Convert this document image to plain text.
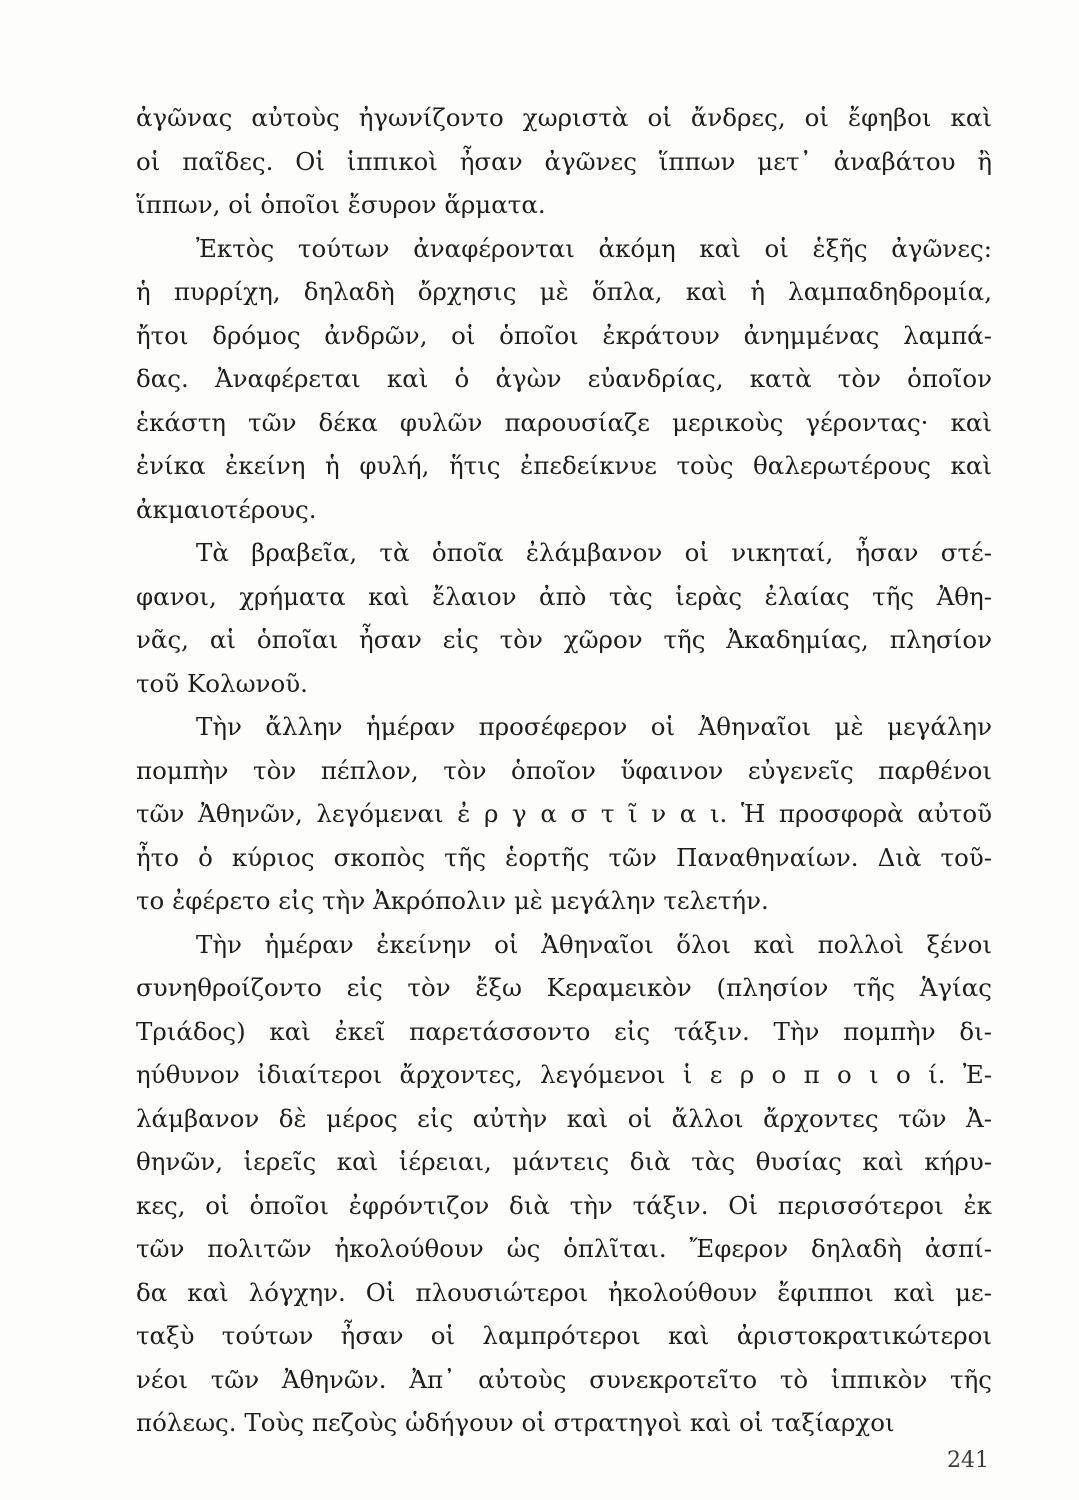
ἀγῶνας αὐτοὺς ἠγωνίζοντο χωριστὰ οἱ ἄνδρες, οἱ ἔφηβοι καὶ
οἱ παῖδες. Οἱ ἱππικοὶ ἦσαν ἀγῶνες ἵππων μετ᾽ ἀναβάτου ἢ
ἵππων, οἱ ὁποῖοι ἔσυρον ἅρματα.

Ἐκτὸς τούτων ἀναφέρονται ἀκόμη καὶ οἱ ἑξῆς ἀγῶνες:
ἡ πυρρίχη, δηλαδὴ ὄρχησις μὲ ὅπλα, καὶ ἡ λαμπαδηδρομία,
ἤτοι δρόμος ἀνδρῶν, οἱ ὁποῖοι ἐκράτουν ἀνημμένας λαμπά-
δας. Ἀναφέρεται καὶ ὁ ἀγὼν εὐανδρίας, κατὰ τὸν ὁποῖον
ἑκάστη τῶν δέκα φυλῶν παρουσίαζε μερικοὺς γέροντας· καὶ
ἐνίκα ἐκείνη ἡ φυλή, ἥτις ἐπεδείκνυε τοὺς θαλερωτέρους καὶ
ἀκμαιοτέρους.

Τὰ βραβεῖα, τὰ ὁποῖα ἐλάμβανον οἱ νικηταί, ἦσαν στέ-
φανοι, χρήματα καὶ ἔλαιον ἀπὸ τὰς ἱερὰς ἐλαίας τῆς Ἀθη-
νᾶς, αἱ ὁποῖαι ἦσαν εἰς τὸν χῶρον τῆς Ἀκαδημίας, πλησίον
τοῦ Κολωνοῦ.

Τὴν ἄλλην ἡμέραν προσέφερον οἱ Ἀθηναῖοι μὲ μεγάλην
πομπὴν τὸν πέπλον, τὸν ὁποῖον ὕφαινον εὐγενεῖς παρθένοι
τῶν Ἀθηνῶν, λεγόμεναι ἐ ρ γ α σ τ ῖ ν α ι. Ἡ προσφορὰ αὐτοῦ
ἦτο ὁ κύριος σκοπὸς τῆς ἑορτῆς τῶν Παναθηναίων. Διὰ τοῦ-
το ἐφέρετο εἰς τὴν Ἀκρόπολιν μὲ μεγάλην τελετήν.

Τὴν ἡμέραν ἐκείνην οἱ Ἀθηναῖοι ὅλοι καὶ πολλοὶ ξένοι
συνηθροίζοντο εἰς τὸν ἔξω Κεραμεικὸν (πλησίον τῆς Ἁγίας
Τριάδος) καὶ ἐκεῖ παρετάσσοντο εἰς τάξιν. Τὴν πομπὴν δι-
ηύθυνον ἰδιαίτεροι ἄρχοντες, λεγόμενοι ἱ ε ρ ο π ο ι ο ί. Ἐ-
λάμβανον δὲ μέρος εἰς αὐτὴν καὶ οἱ ἄλλοι ἄρχοντες τῶν Ἀ-
θηνῶν, ἱερεῖς καὶ ἱέρειαι, μάντεις διὰ τὰς θυσίας καὶ κήρυ-
κες, οἱ ὁποῖοι ἐφρόντιζον διὰ τὴν τάξιν. Οἱ περισσότεροι ἐκ
τῶν πολιτῶν ἠκολούθουν ὡς ὁπλῖται. Ἔφερον δηλαδὴ ἀσπί-
δα καὶ λόγχην. Οἱ πλουσιώτεροι ἠκολούθουν ἔφιπποι καὶ με-
ταξὺ τούτων ἦσαν οἱ λαμπρότεροι καὶ ἀριστοκρατικώτεροι
νέοι τῶν Ἀθηνῶν. Ἀπ᾽ αὐτοὺς συνεκροτεῖτο τὸ ἱππικὸν τῆς
πόλεως. Τοὺς πεζοὺς ὡδήγουν οἱ στρατηγοὶ καὶ οἱ ταξίαρχοι

241
